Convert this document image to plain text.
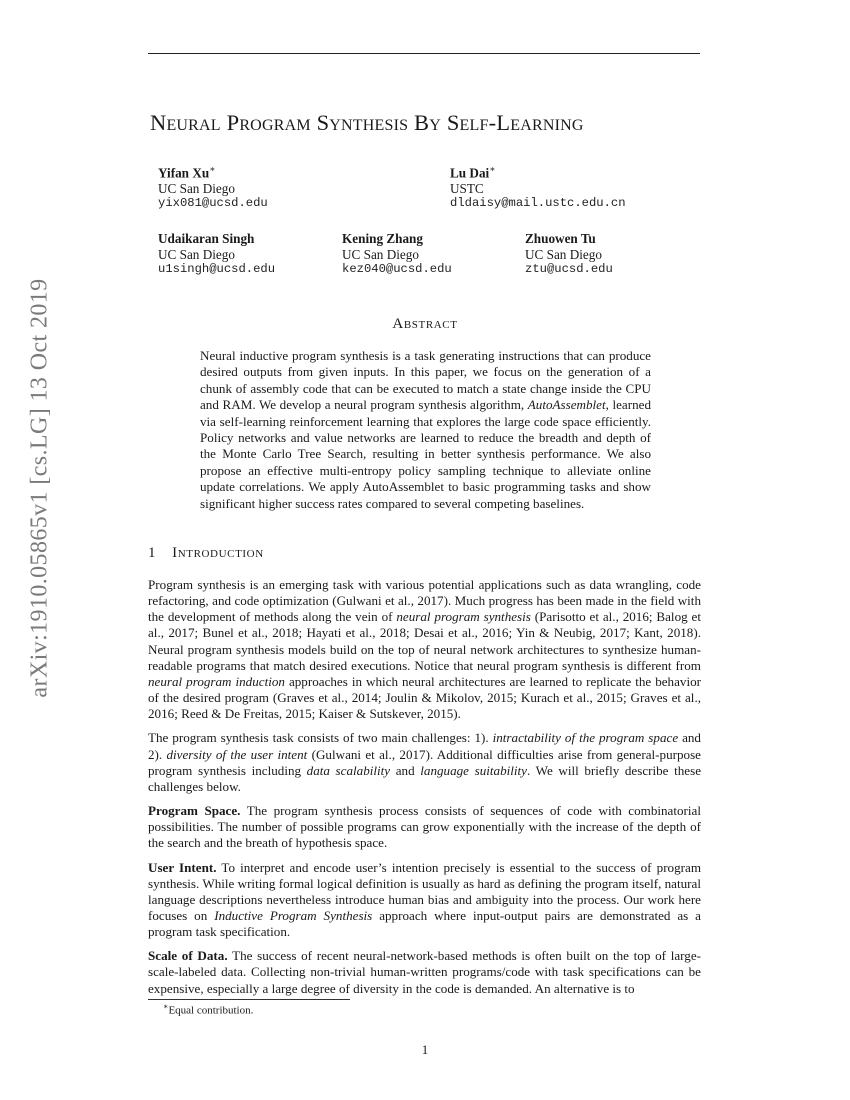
arXiv:1910.05865v1 [cs.LG] 13 Oct 2019
Neural Program Synthesis By Self-Learning
Yifan Xu∗
UC San Diego
yix081@ucsd.edu
Lu Dai∗
USTC
dldaisy@mail.ustc.edu.cn
Udaikaran Singh
UC San Diego
u1singh@ucsd.edu
Kening Zhang
UC San Diego
kez040@ucsd.edu
Zhuowen Tu
UC San Diego
ztu@ucsd.edu
Abstract
Neural inductive program synthesis is a task generating instructions that can produce desired outputs from given inputs. In this paper, we focus on the generation of a chunk of assembly code that can be executed to match a state change inside the CPU and RAM. We develop a neural program synthesis algorithm, AutoAssemblet, learned via self-learning reinforcement learning that explores the large code space efficiently. Policy networks and value networks are learned to reduce the breadth and depth of the Monte Carlo Tree Search, resulting in better synthesis performance. We also propose an effective multi-entropy policy sampling technique to alleviate online update correlations. We apply AutoAssemblet to basic programming tasks and show significant higher success rates compared to several competing baselines.
1 Introduction

Program synthesis is an emerging task with various potential applications such as data wrangling, code refactoring, and code optimization (Gulwani et al., 2017). Much progress has been made in the field with the development of methods along the vein of neural program synthesis (Parisotto et al., 2016; Balog et al., 2017; Bunel et al., 2018; Hayati et al., 2018; Desai et al., 2016; Yin & Neubig, 2017; Kant, 2018). Neural program synthesis models build on the top of neural network architectures to synthesize human-readable programs that match desired executions. Notice that neural program synthesis is different from neural program induction approaches in which neural architectures are learned to replicate the behavior of the desired program (Graves et al., 2014; Joulin & Mikolov, 2015; Kurach et al., 2015; Graves et al., 2016; Reed & De Freitas, 2015; Kaiser & Sutskever, 2015).

The program synthesis task consists of two main challenges: 1). intractability of the program space and 2). diversity of the user intent (Gulwani et al., 2017). Additional difficulties arise from general-purpose program synthesis including data scalability and language suitability. We will briefly describe these challenges below.

Program Space. The program synthesis process consists of sequences of code with combinatorial possibilities. The number of possible programs can grow exponentially with the increase of the depth of the search and the breath of hypothesis space.

User Intent. To interpret and encode user’s intention precisely is essential to the success of program synthesis. While writing formal logical definition is usually as hard as defining the program itself, natural language descriptions nevertheless introduce human bias and ambiguity into the process. Our work here focuses on Inductive Program Synthesis approach where input-output pairs are demonstrated as a program task specification.

Scale of Data. The success of recent neural-network-based methods is often built on the top of large-scale-labeled data. Collecting non-trivial human-written programs/code with task specifications can be expensive, especially a large degree of diversity in the code is demanded. An alternative is to

∗Equal contribution.
1
